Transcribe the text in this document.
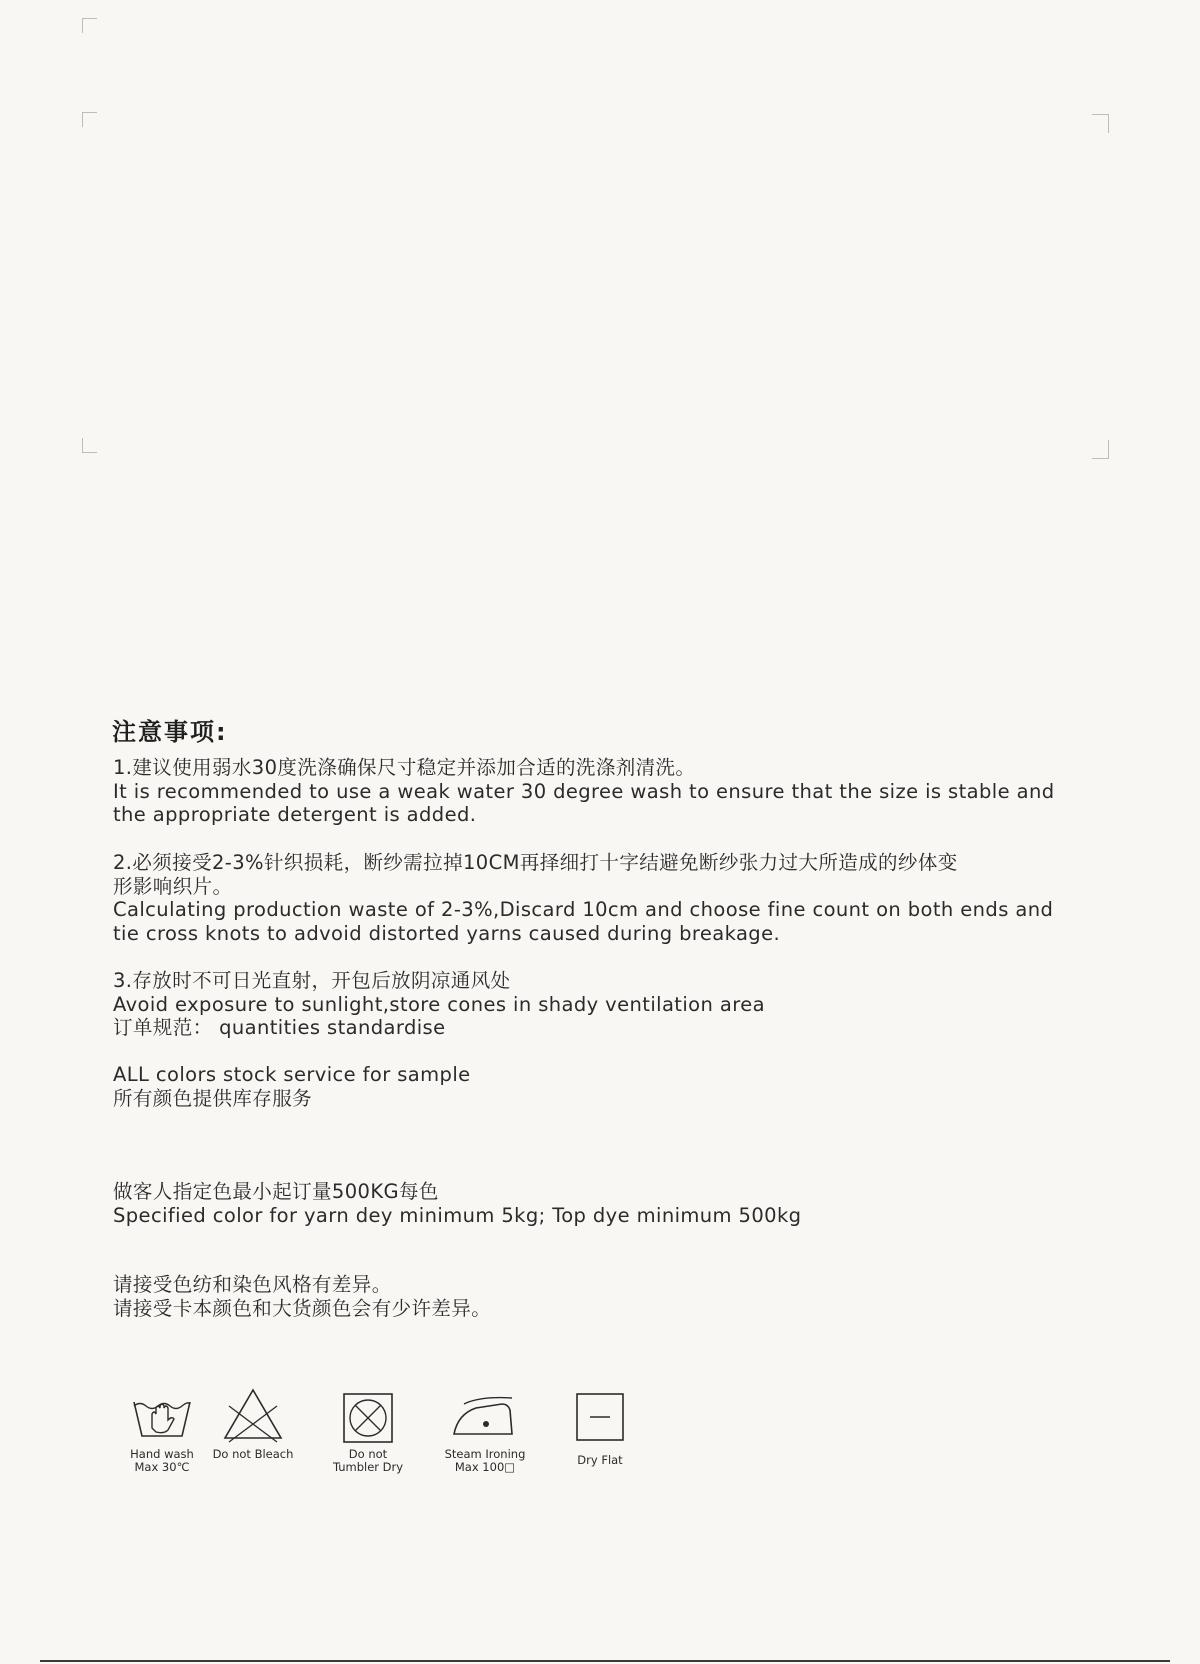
注意事项:
1.建议使用弱水30度洗涤确保尺寸稳定并添加合适的洗涤剂清洗。
It is recommended to use a weak water 30 degree wash to ensure that the size is stable and
the appropriate detergent is added.
2.必须接受2-3%针织损耗，断纱需拉掉10CM再择细打十字结避免断纱张力过大所造成的纱体变
形影响织片。
Calculating production waste of 2-3%,Discard 10cm and choose fine count on both ends and
tie cross knots to advoid distorted yarns caused during breakage.
3.存放时不可日光直射，开包后放阴凉通风处
Avoid exposure to sunlight,store cones in shady ventilation area
订单规范： quantities standardise
ALL colors stock service for sample
所有颜色提供库存服务
做客人指定色最小起订量500KG每色
Specified color for yarn dey minimum 5kg; Top dye minimum 500kg
请接受色纺和染色风格有差异。
请接受卡本颜色和大货颜色会有少许差异。
Hand wash
Max 30℃
Do not Bleach	Do not
Tumbler Dry
Steam Ironing
Max 100□	Dry Flat
